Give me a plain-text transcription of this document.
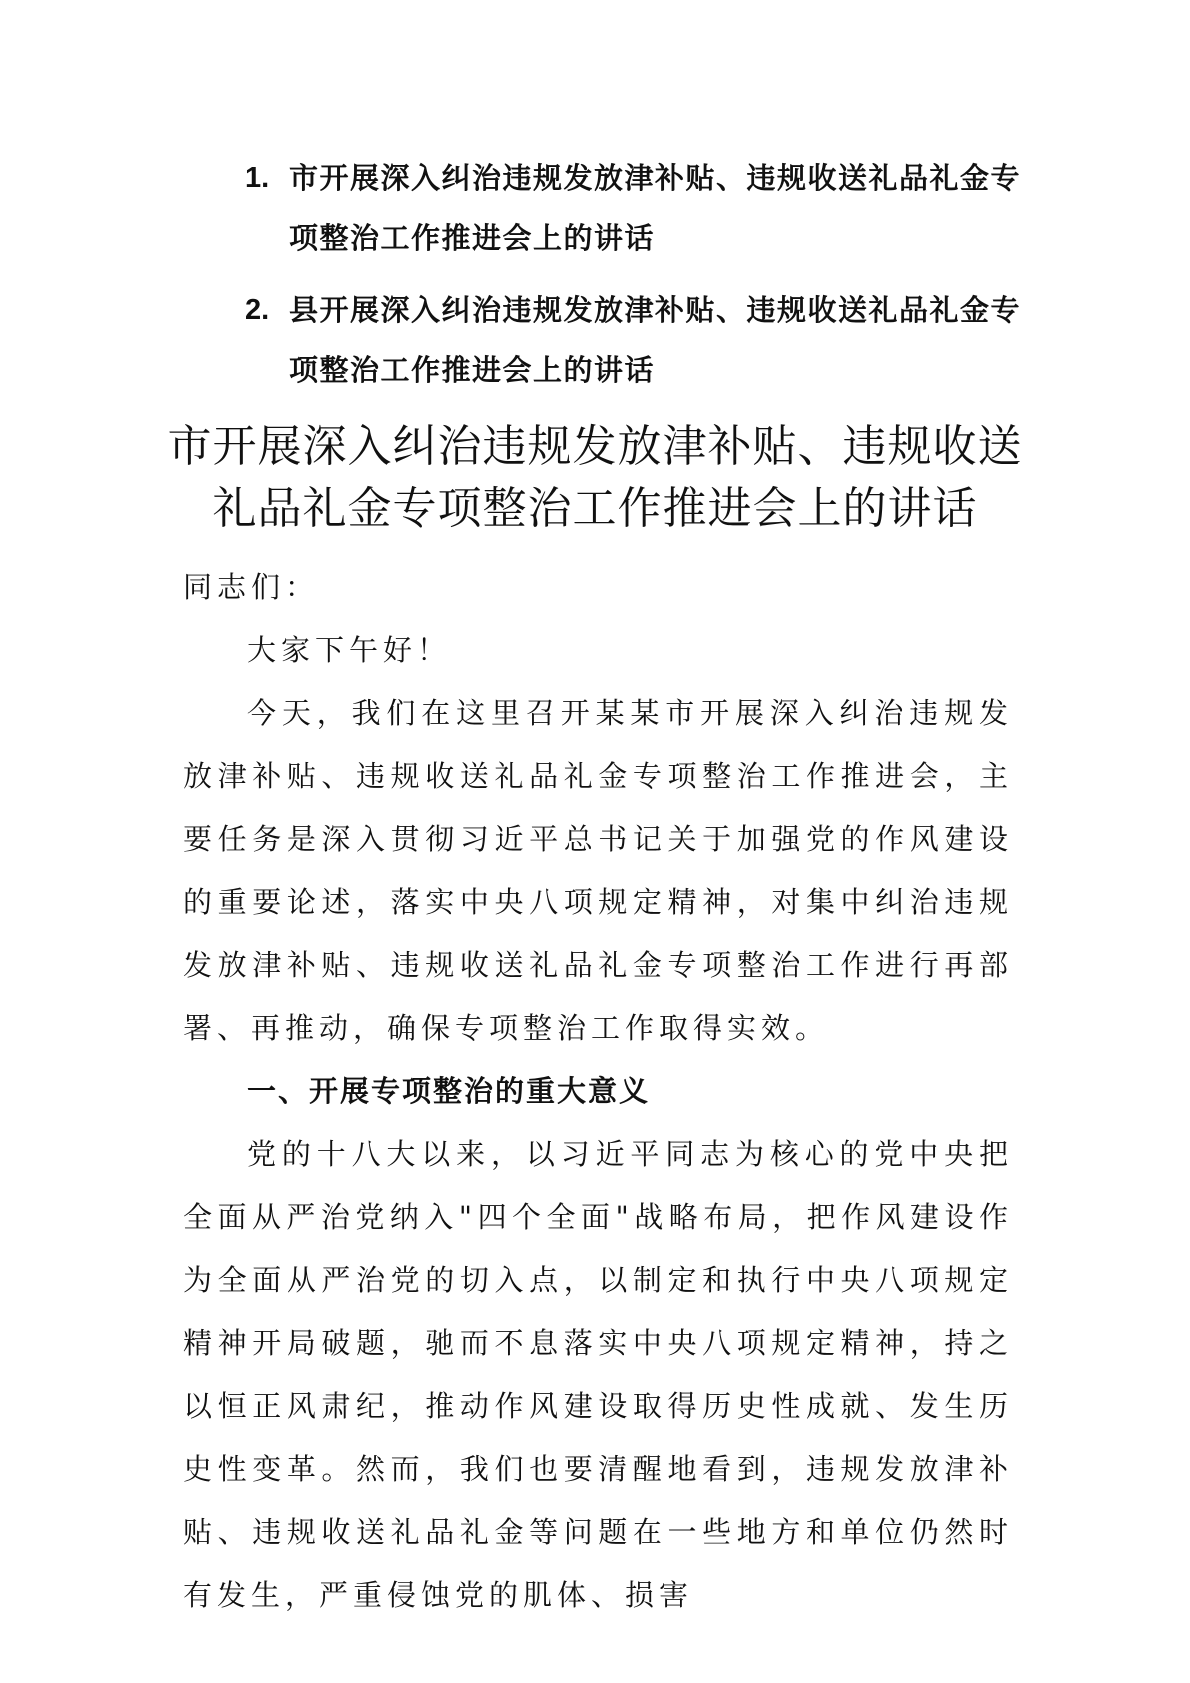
1. 市开展深入纠治违规发放津补贴、违规收送礼品礼金专项整治工作推进会上的讲话
2. 县开展深入纠治违规发放津补贴、违规收送礼品礼金专项整治工作推进会上的讲话
市开展深入纠治违规发放津补贴、违规收送礼品礼金专项整治工作推进会上的讲话

同志们：

大家下午好！

今天，我们在这里召开某某市开展深入纠治违规发放津补贴、违规收送礼品礼金专项整治工作推进会，主要任务是深入贯彻习近平总书记关于加强党的作风建设的重要论述，落实中央八项规定精神，对集中纠治违规发放津补贴、违规收送礼品礼金专项整治工作进行再部署、再推动，确保专项整治工作取得实效。

一、开展专项整治的重大意义

党的十八大以来，以习近平同志为核心的党中央把全面从严治党纳入"四个全面"战略布局，把作风建设作为全面从严治党的切入点，以制定和执行中央八项规定精神开局破题，驰而不息落实中央八项规定精神，持之以恒正风肃纪，推动作风建设取得历史性成就、发生历史性变革。然而，我们也要清醒地看到，违规发放津补贴、违规收送礼品礼金等问题在一些地方和单位仍然时有发生，严重侵蚀党的肌体、损害
